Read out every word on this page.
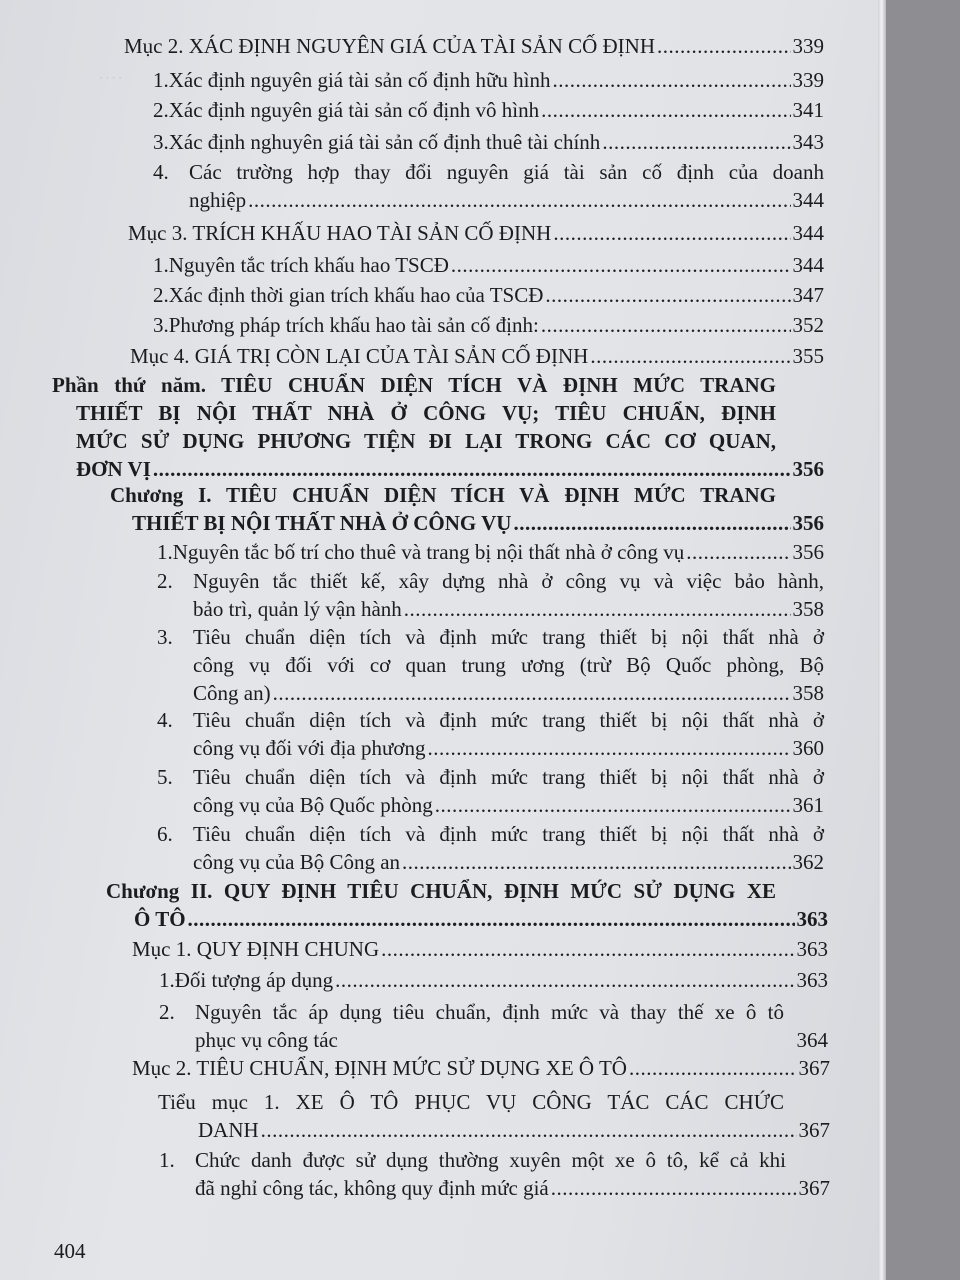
····
Mục 2. XÁC ĐỊNH NGUYÊN GIÁ CỦA TÀI SẢN CỐ ĐỊNH .....	339
1. Xác định nguyên giá tài sản cố định hữu hình .....	339
2. Xác định nguyên giá tài sản cố định vô hình .....	341
3. Xác định nghuyên giá tài sản cố định thuê tài chính .....	343
4. Các trường hợp thay đổi nguyên giá tài sản cố định của doanh
nghiệp .....	344
Mục 3. TRÍCH KHẤU HAO TÀI SẢN CỐ ĐỊNH .....	344
1. Nguyên tắc trích khấu hao TSCĐ .....	344
2. Xác định thời gian trích khấu hao của TSCĐ .....	347
3. Phương pháp trích khấu hao tài sản cố định: .....	352
Mục 4. GIÁ TRỊ CÒN LẠI CỦA TÀI SẢN CỐ ĐỊNH .....	355
Phần thứ năm. TIÊU CHUẨN DIỆN TÍCH VÀ ĐỊNH MỨC TRANG
THIẾT BỊ NỘI THẤT NHÀ Ở CÔNG VỤ; TIÊU CHUẨN, ĐỊNH
MỨC SỬ DỤNG PHƯƠNG TIỆN ĐI LẠI TRONG CÁC CƠ QUAN,
ĐƠN VỊ .....	356
Chương I. TIÊU CHUẨN DIỆN TÍCH VÀ ĐỊNH MỨC TRANG
THIẾT BỊ NỘI THẤT NHÀ Ở CÔNG VỤ .....	356
1. Nguyên tắc bố trí cho thuê và trang bị nội thất nhà ở công vụ .....	356
2. Nguyên tắc thiết kế, xây dựng nhà ở công vụ và việc bảo hành,
bảo trì, quản lý vận hành .....	358
3. Tiêu chuẩn diện tích và định mức trang thiết bị nội thất nhà ở
công vụ đối với cơ quan trung ương (trừ Bộ Quốc phòng, Bộ
Công an) .....	358
4. Tiêu chuẩn diện tích và định mức trang thiết bị nội thất nhà ở
công vụ đối với địa phương .....	360
5. Tiêu chuẩn diện tích và định mức trang thiết bị nội thất nhà ở
công vụ của Bộ Quốc phòng .....	361
6. Tiêu chuẩn diện tích và định mức trang thiết bị nội thất nhà ở
công vụ của Bộ Công an .....	362
Chương II. QUY ĐỊNH TIÊU CHUẨN, ĐỊNH MỨC SỬ DỤNG XE
Ô TÔ .....	363
Mục 1. QUY ĐỊNH CHUNG .....	363
1. Đối tượng áp dụng .....	363
2. Nguyên tắc áp dụng tiêu chuẩn, định mức và thay thế xe ô tô
phục vụ công tác	364
Mục 2. TIÊU CHUẨN, ĐỊNH MỨC SỬ DỤNG XE Ô TÔ .....	367
Tiểu mục 1. XE Ô TÔ PHỤC VỤ CÔNG TÁC CÁC CHỨC
DANH .....	367
1. Chức danh được sử dụng thường xuyên một xe ô tô, kể cả khi
đã nghỉ công tác, không quy định mức giá .....	367
404
